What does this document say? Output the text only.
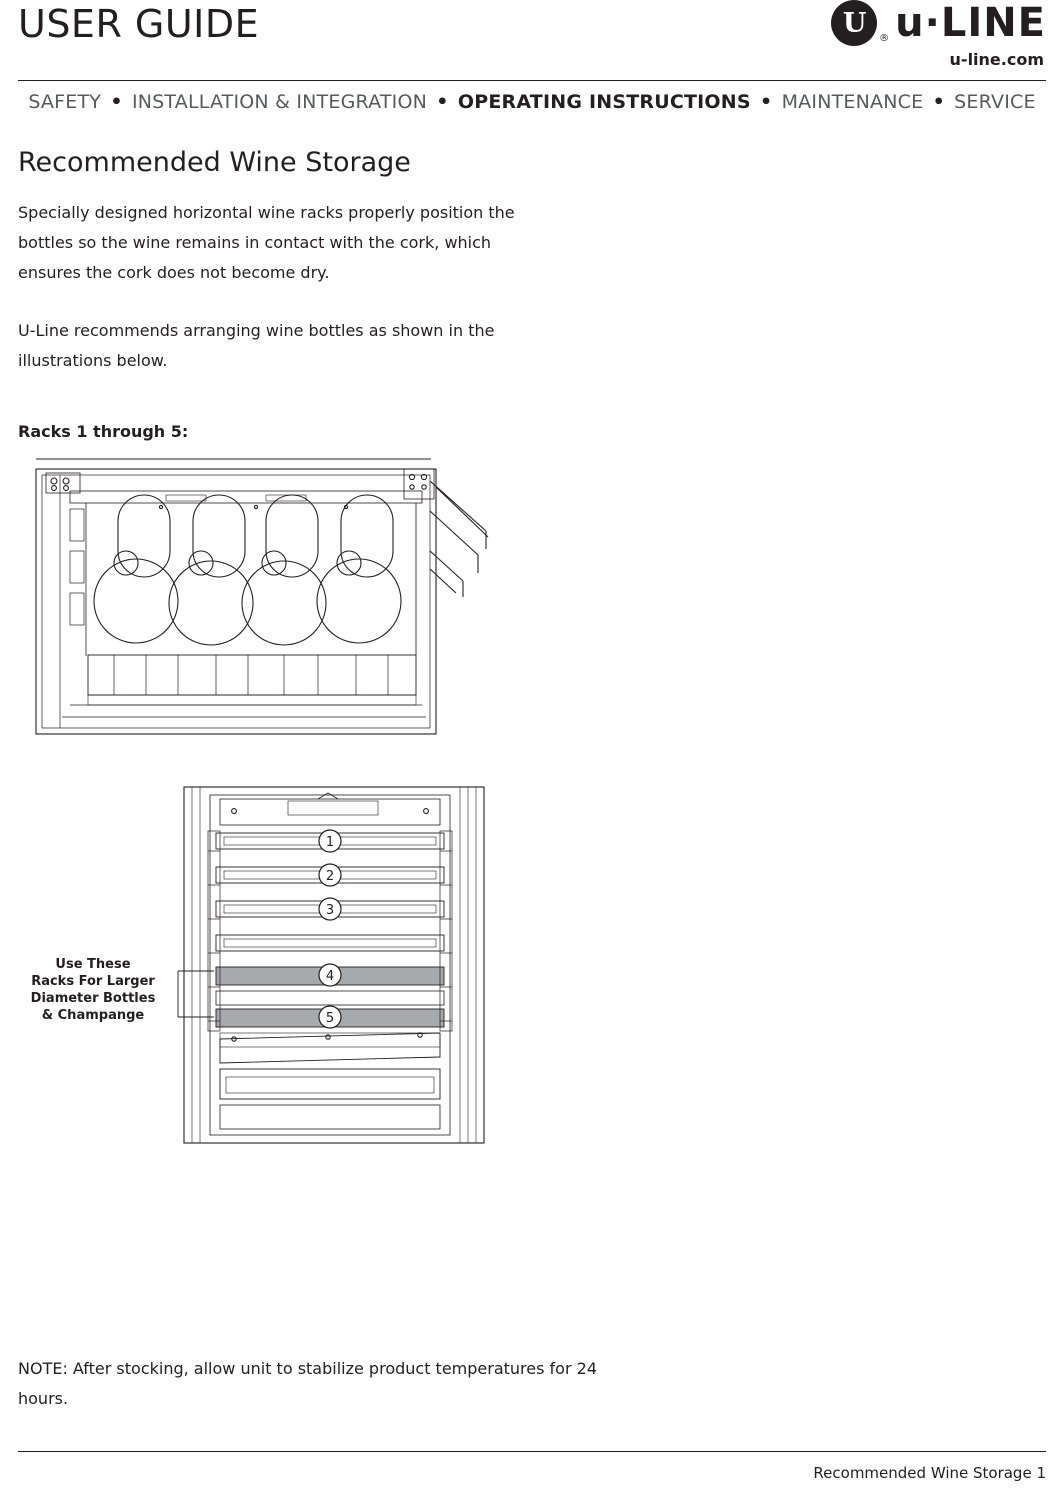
USER GUIDE	U	® u·LINE
u-line.com
SAFETY • INSTALLATION & INTEGRATION • OPERATING INSTRUCTIONS • MAINTENANCE • SERVICE
Recommended Wine Storage
Specially designed horizontal wine racks properly position the bottles so the wine remains in contact with the cork, which ensures the cork does not become dry.
U-Line recommends arranging wine bottles as shown in the illustrations below.
Racks 1 through 5:
1
2
3
4
5
Use These
Racks For Larger
Diameter Bottles
& Champange
NOTE: After stocking, allow unit to stabilize product temperatures for 24 hours.
Recommended Wine Storage 1
